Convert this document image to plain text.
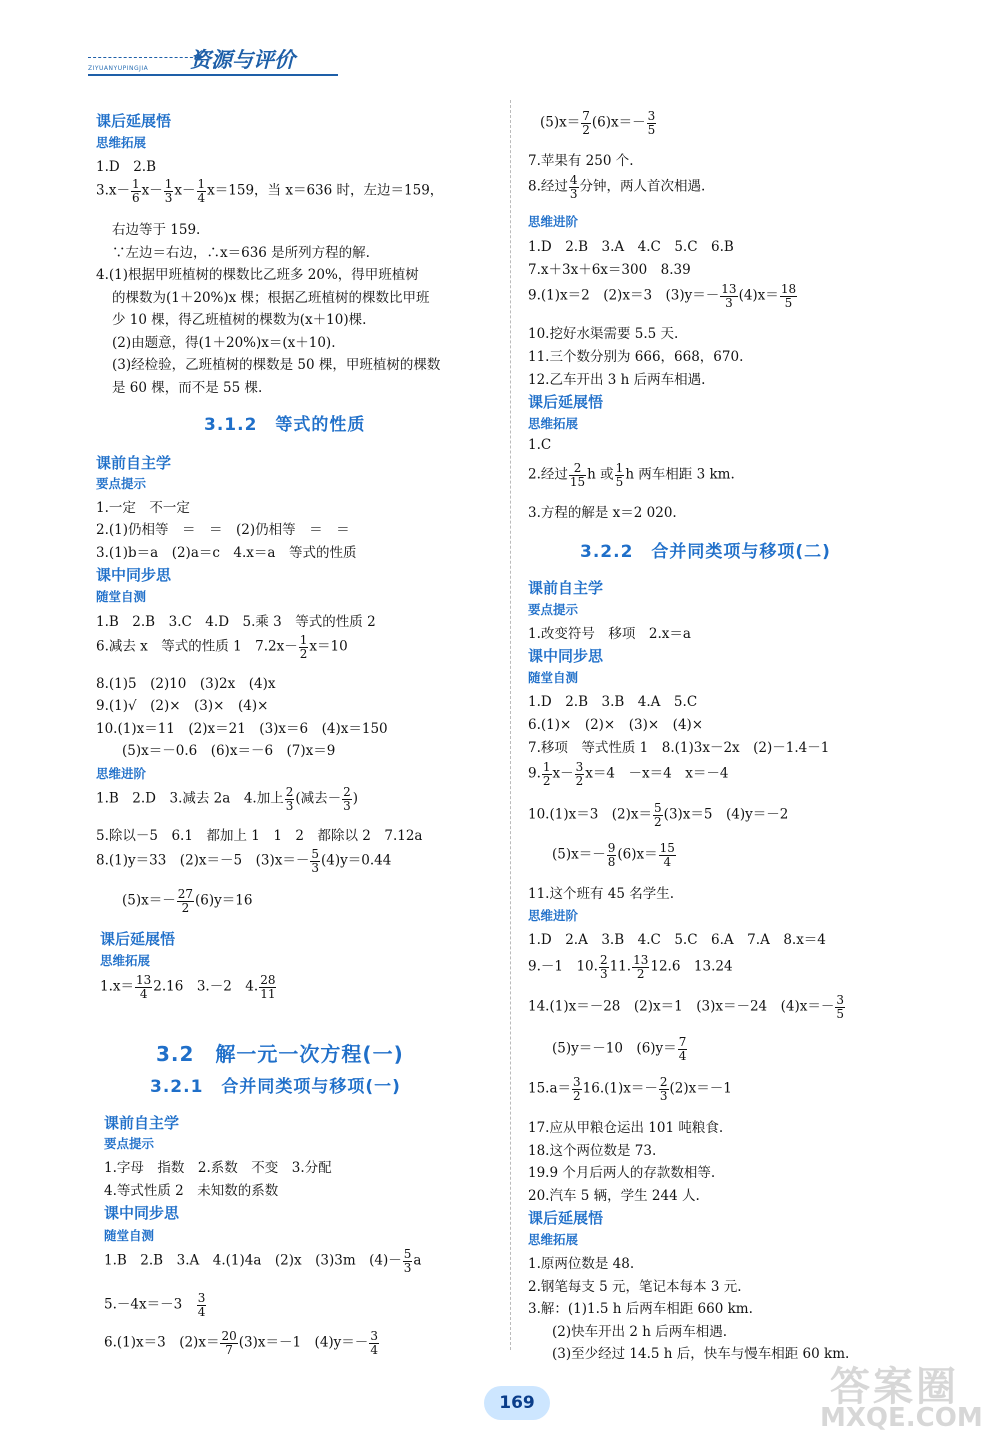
ZIYUANYUPINGJIA 资源与评价
课后延展悟
思维拓展
1.D　2.B
$3.x- \frac{1}{6} x- \frac{1}{3} x- \frac{1}{4} x=159$，当 x＝636 时，左边＝159，
右边等于 159.
∵左边＝右边，∴x＝636 是所列方程的解.
4.(1)根据甲班植树的棵数比乙班多 20%，得甲班植树
的棵数为(1＋20%)x 棵；根据乙班植树的棵数比甲班
少 10 棵，得乙班植树的棵数为(x＋10)棵.
(2)由题意，得(1＋20%)x＝(x＋10).
(3)经检验，乙班植树的棵数是 50 棵，甲班植树的棵数
是 60 棵，而不是 55 棵.
3.1.2　等式的性质
课前自主学
要点提示
1.一定　不一定
2.(1)仍相等　＝　＝　(2)仍相等　＝　＝
3.(1)b＝a　(2)a＝c　4.x＝a　等式的性质
课中同步思
随堂自测
1.B　2.B　3.C　4.D　5.乘 3　等式的性质 2
6.减去 x　等式的性质 1　$7.2x- \frac{1}{2} x=10$
8.(1)5　(2)10　(3)2x　(4)x
9.(1)√　(2)×　(3)×　(4)×
10.(1)x＝11　(2)x＝21　(3)x＝6　(4)x＝150
(5)x＝－0.6　(6)x＝－6　(7)x＝9
思维进阶
1.B　2.D　3.减去 2a　4.加上 $\frac{2}{3}$ (减去－ $\frac{2}{3}$ )
5.除以－5　6.1　都加上 1　1　2　都除以 2　7.12a
8.(1)y＝33　(2)x＝－5　$(3)x=- \frac{5}{3} (4)y=0.44$
$(5)x=- \frac{27}{2} (6)y=16$
课后延展悟
思维拓展
$1.x= \frac{13}{4} 2.16$　3.－2　4. $\frac{28}{11}$
3.2　解一元一次方程(一)
3.2.1　合并同类项与移项(一)
课前自主学
要点提示
1.字母　指数　2.系数　不变　3.分配
4.等式性质 2　未知数的系数
课中同步思
随堂自测
1.B　2.B　3.A　4.(1)4a　(2)x　(3)3m　$(4)- \frac{5}{3}$ a
5.－4x＝－3　 $\frac{3}{4}$
6.(1)x＝3　$(2)x= \frac{20}{7} (3)x=-1$　$(4)y=- \frac{3}{4}$
$(5)x= \frac{7}{2} (6)x=- \frac{3}{5}$
7.苹果有 250 个.
8.经过 $\frac{4}{3}$ 分钟，两人首次相遇.
思维进阶
1.D　2.B　3.A　4.C　5.C　6.B
7.x＋3x＋6x＝300　8.39
9.(1)x＝2　(2)x＝3　$(3)y=- \frac{13}{3} (4)x= \frac{18}{5}$
10.挖好水渠需要 5.5 天.
11.三个数分别为 666，668，670.
12.乙车开出 3 h 后两车相遇.
课后延展悟
思维拓展
1.C
2.经过 $\frac{2}{15}$ h 或 $\frac{1}{5}$ h 两车相距 3 km.
3.方程的解是 x＝2 020.
3.2.2　合并同类项与移项(二)
课前自主学
要点提示
1.改变符号　移项　2.x＝a
课中同步思
随堂自测
1.D　2.B　3.B　4.A　5.C
6.(1)×　(2)×　(3)×　(4)×
7.移项　等式性质 1　8.(1)3x－2x　(2)－1.4－1
9. $\frac{1}{2} x- \frac{3}{2} x=4$　－x＝4　x＝－4
10.(1)x＝3　$(2)x= \frac{5}{2} (3)x=5$　(4)y＝－2
$(5)x=- \frac{9}{8} (6)x= \frac{15}{4}$
11.这个班有 45 名学生.
思维进阶
1.D　2.A　3.B　4.C　5.C　6.A　7.A　8.x＝4
9.－1　10. $\frac{2}{3} 11$. $\frac{13}{2} 12.6$　13.24
14.(1)x＝－28　(2)x＝1　(3)x＝－24　$(4)x=- \frac{3}{5}$
(5)y＝－10　$(6)y= \frac{7}{4}$
$15.a= \frac{3}{2} 16.(1)x=- \frac{2}{3} (2)x=-1$
17.应从甲粮仓运出 101 吨粮食.
18.这个两位数是 73.
19.9 个月后两人的存款数相等.
20.汽车 5 辆，学生 244 人.
课后延展悟
思维拓展
1.原两位数是 48.
2.钢笔每支 5 元，笔记本每本 3 元.
3.解：(1)1.5 h 后两车相距 660 km.
(2)快车开出 2 h 后两车相遇.
(3)至少经过 14.5 h 后，快车与慢车相距 60 km.
169	答案圈
MXQE.COM
